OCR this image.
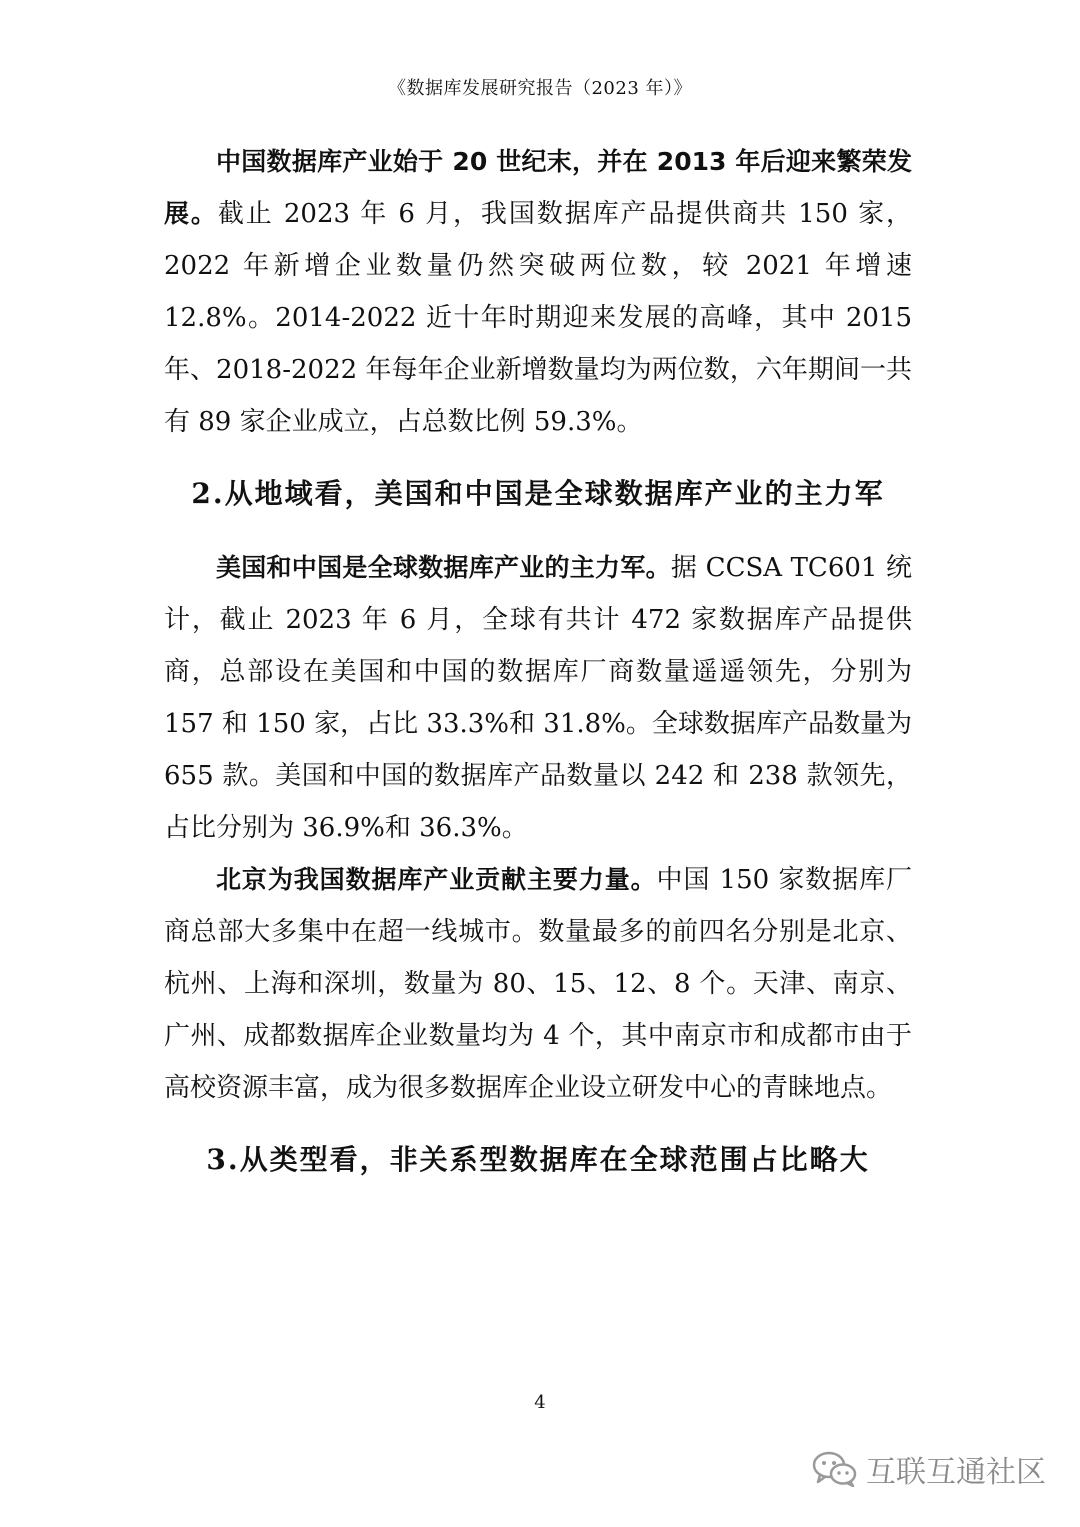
《数据库发展研究报告（2023 年）》

中国数据库产业始于 20 世纪末，并在 2013 年后迎来繁荣发展。截止 2023 年 6 月，我国数据库产品提供商共 150 家，2022 年新增企业数量仍然突破两位数，较 2021 年增速 12.8%。2014-2022 近十年时期迎来发展的高峰，其中 2015 年、2018-2022 年每年企业新增数量均为两位数，六年期间一共有 89 家企业成立，占总数比例 59.3%。

2.从地域看，美国和中国是全球数据库产业的主力军

美国和中国是全球数据库产业的主力军。据 CCSA TC601 统计，截止 2023 年 6 月，全球有共计 472 家数据库产品提供商，总部设在美国和中国的数据库厂商数量遥遥领先，分别为 157 和 150 家，占比 33.3%和 31.8%。全球数据库产品数量为 655 款。美国和中国的数据库产品数量以 242 和 238 款领先，占比分别为 36.9%和 36.3%。

北京为我国数据库产业贡献主要力量。中国 150 家数据库厂商总部大多集中在超一线城市。数量最多的前四名分别是北京、杭州、上海和深圳，数量为 80、15、12、8 个。天津、南京、广州、成都数据库企业数量均为 4 个，其中南京市和成都市由于高校资源丰富，成为很多数据库企业设立研发中心的青睐地点。

3.从类型看，非关系型数据库在全球范围占比略大
4
互联互通社区
